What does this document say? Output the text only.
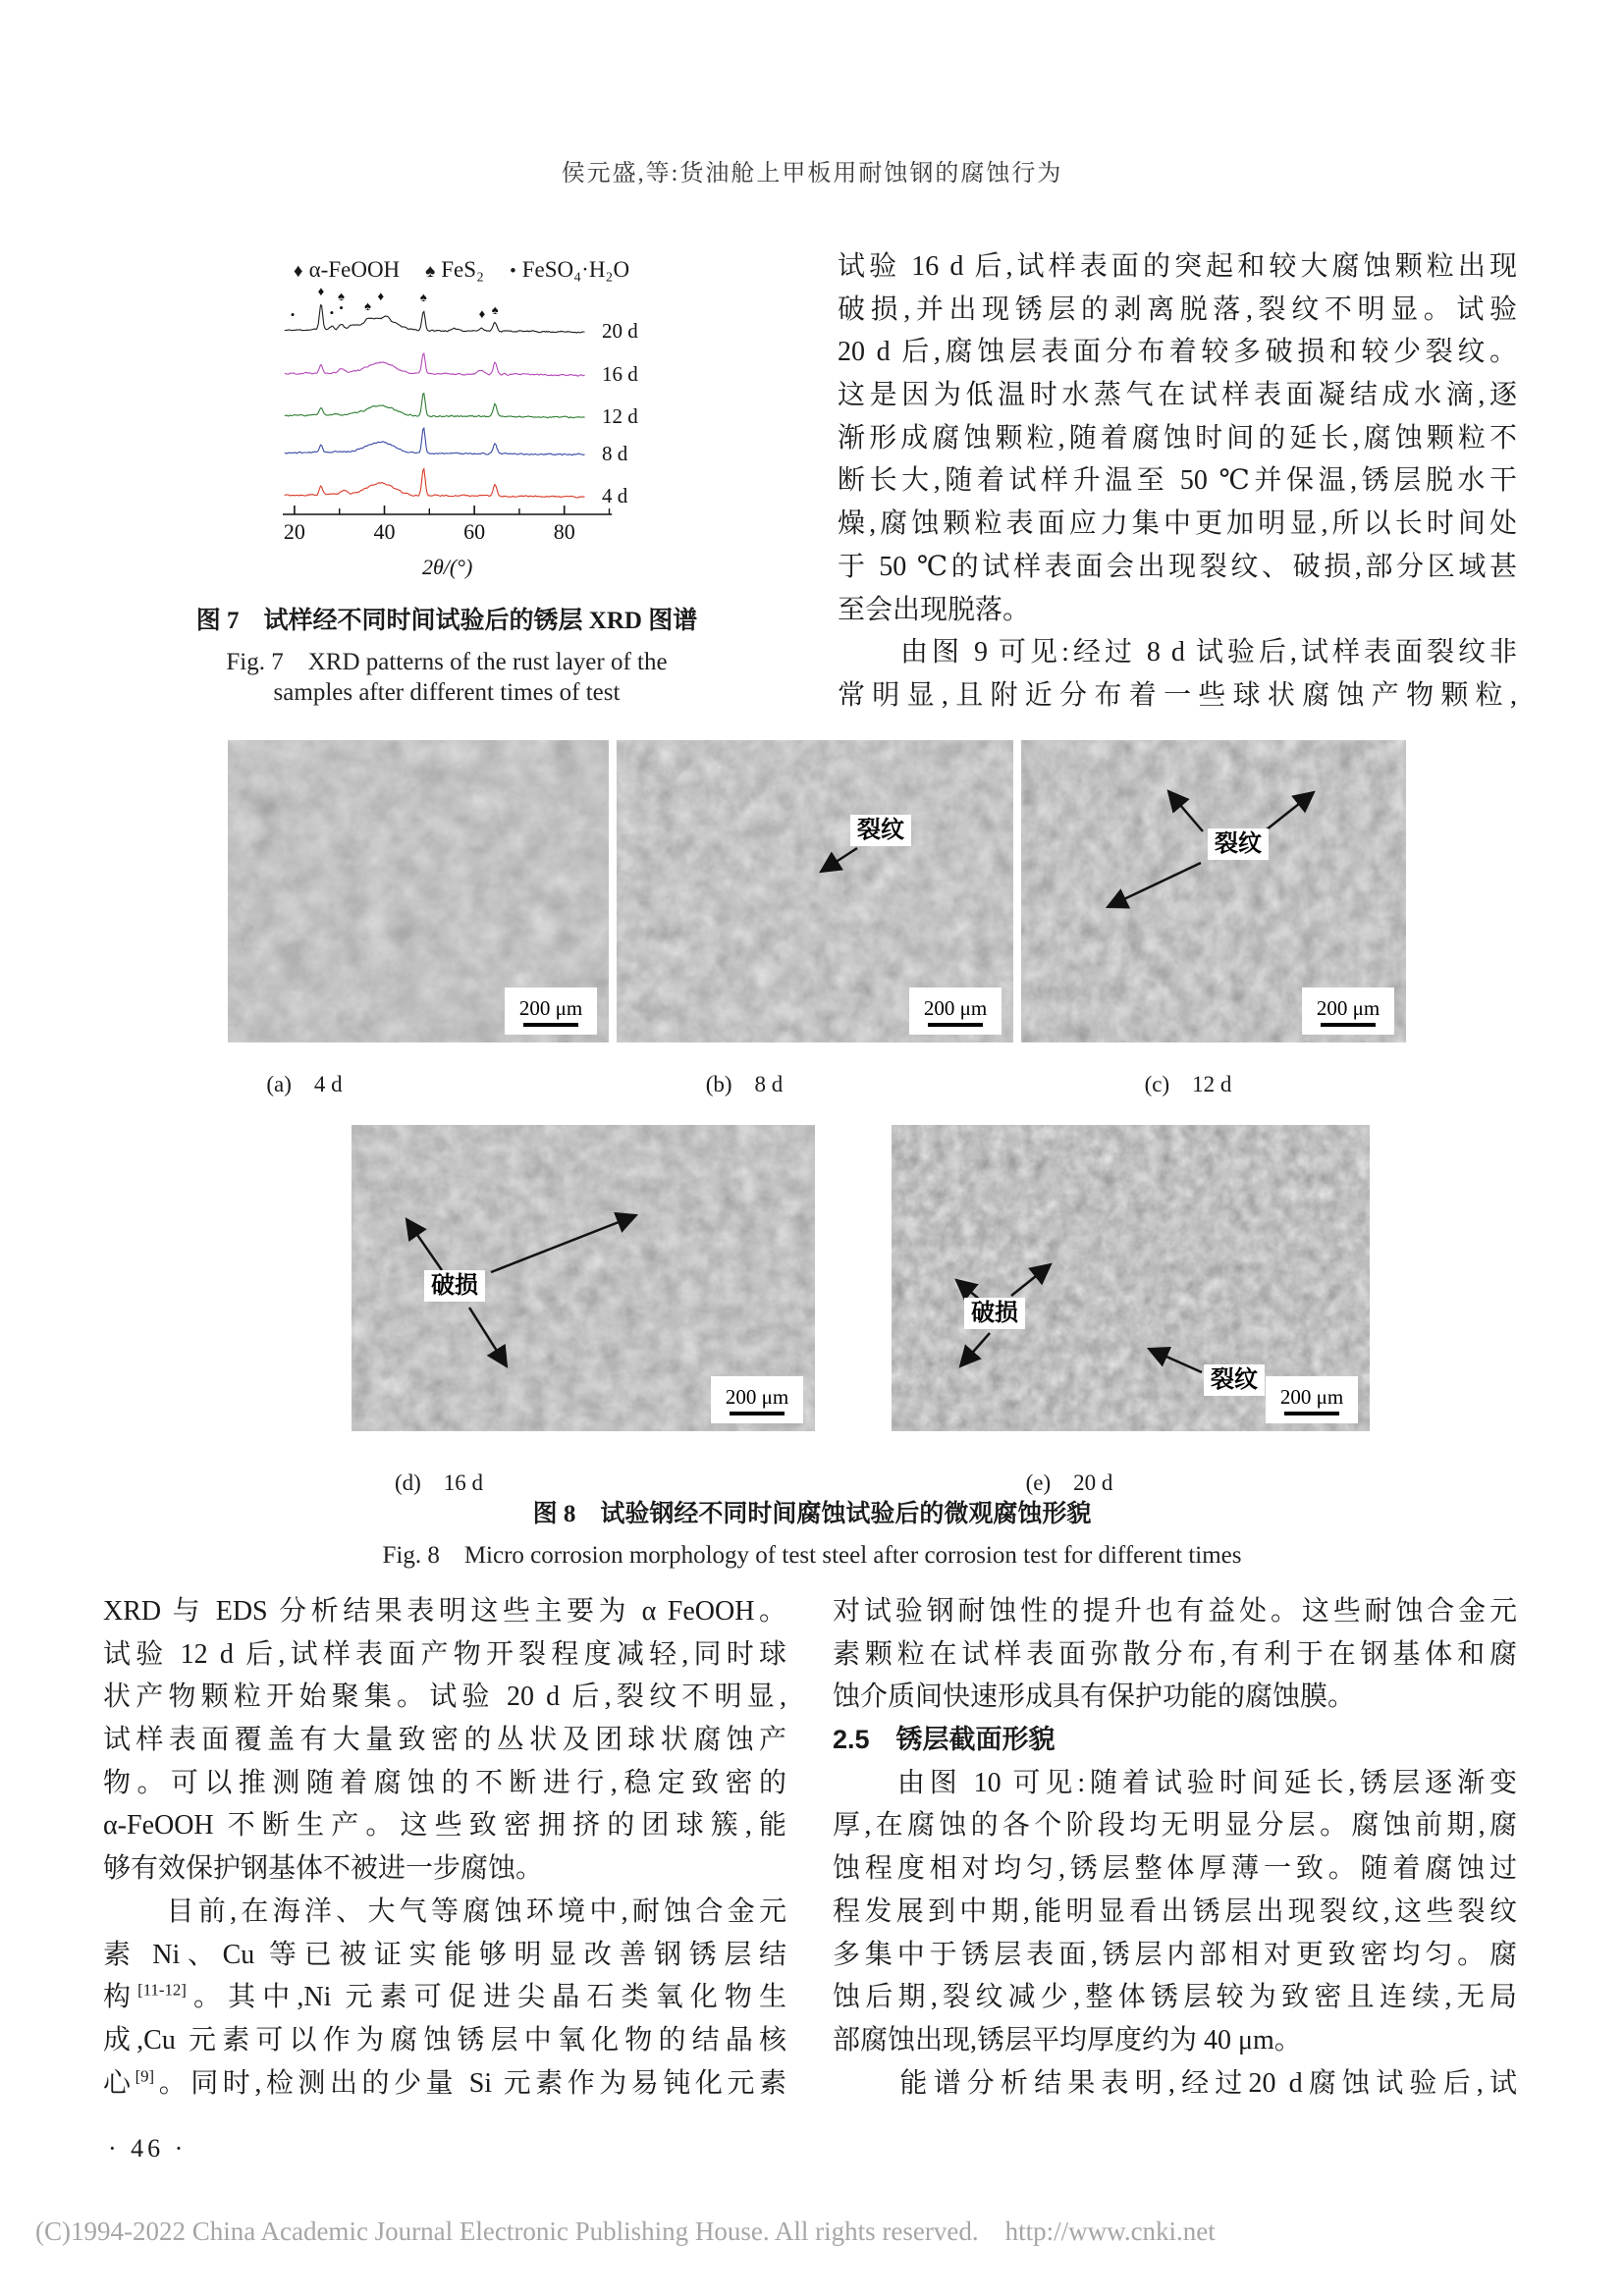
侯元盛,等:货油舱上甲板用耐蚀钢的腐蚀行为
♦ α-FeOOH ♠ FeS₂ • FeSO₄·H₂O
20	40	60	80
2θ/(°)
20 d
16 d
12 d
8 d
4 d
•
♦
• •
♠
♠
♦	♠
♦ ♠
图 7　试样经不同时间试验后的锈层 XRD 图谱
Fig. 7　XRD patterns of the rust layer of the
samples after different times of test
试验 16 d 后,试样表面的突起和较大腐蚀颗粒出现
破损,并出现锈层的剥离脱落,裂纹不明显。试验
20 d 后,腐蚀层表面分布着较多破损和较少裂纹。
这是因为低温时水蒸气在试样表面凝结成水滴,逐
渐形成腐蚀颗粒,随着腐蚀时间的延长,腐蚀颗粒不
断长大,随着试样升温至 50 ℃并保温,锈层脱水干
燥,腐蚀颗粒表面应力集中更加明显,所以长时间处
于 50 ℃的试样表面会出现裂纹、破损,部分区域甚
至会出现脱落。
　　由图 9 可见:经过 8 d 试验后,试样表面裂纹非
常明显,且附近分布着一些球状腐蚀产物颗粒,
200 μm
裂纹
200 μm
裂纹
200 μm
(a)　4 d	(b)　8 d	(c)　12 d
破损
200 μm
破损
裂纹
200 μm
(d)　16 d	(e)　20 d
图 8　试验钢经不同时间腐蚀试验后的微观腐蚀形貌
Fig. 8　Micro corrosion morphology of test steel after corrosion test for different times
XRD 与 EDS 分析结果表明这些主要为 α FeOOH。
试验 12 d 后,试样表面产物开裂程度减轻,同时球
状产物颗粒开始聚集。试验 20 d 后,裂纹不明显,
试样表面覆盖有大量致密的丛状及团球状腐蚀产
物。可以推测随着腐蚀的不断进行,稳定致密的
α-FeOOH 不断生产。这些致密拥挤的团球簇,能
够有效保护钢基体不被进一步腐蚀。
　　目前,在海洋、大气等腐蚀环境中,耐蚀合金元
素 Ni、Cu 等已被证实能够明显改善钢锈层结
构[11-12]。其中,Ni 元素可促进尖晶石类氧化物生
成,Cu 元素可以作为腐蚀锈层中氧化物的结晶核
心[9]。同时,检测出的少量 Si 元素作为易钝化元素
对试验钢耐蚀性的提升也有益处。这些耐蚀合金元
素颗粒在试样表面弥散分布,有利于在钢基体和腐
蚀介质间快速形成具有保护功能的腐蚀膜。
2.5　锈层截面形貌
　　由图 10 可见:随着试验时间延长,锈层逐渐变
厚,在腐蚀的各个阶段均无明显分层。腐蚀前期,腐
蚀程度相对均匀,锈层整体厚薄一致。随着腐蚀过
程发展到中期,能明显看出锈层出现裂纹,这些裂纹
多集中于锈层表面,锈层内部相对更致密均匀。腐
蚀后期,裂纹减少,整体锈层较为致密且连续,无局
部腐蚀出现,锈层平均厚度约为 40 μm。
　　能谱分析结果表明,经过20 d腐蚀试验后,试
· 46 ·
(C)1994-2022 China Academic Journal Electronic Publishing House. All rights reserved.    http://www.cnki.net
